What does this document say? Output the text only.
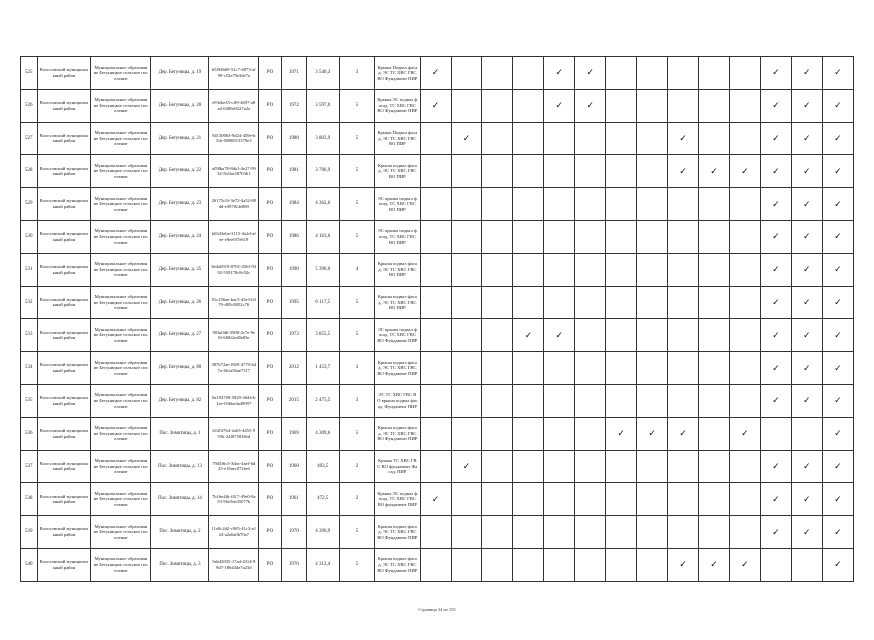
525	Волосовский муниципальный район	Муниципальное образование Бегуницкое сельское поселение	Дер. Бегуницы, д. 19	b5f94669-51c7-4873-af99-c52e79e3de7a	РО	1971	3 540,3	3	Крыша Подвал фасад, ЭС ТС ХВС ГВС ВО Фундамент ПИР	✓				✓	✓						✓	✓	✓
526	Волосовский муниципальный район	Муниципальное образование Бегуницкое сельское поселение	Дер. Бегуницы, д. 20	e93ebe35-cff9-4697-a8a4-6389a9227a2a	РО	1972	3 597,0	5	Крыша ЭС подвал фасад, ТС ХВС ГВС ВО Фундамент ПИР	✓				✓	✓						✓	✓	✓
527	Волосовский муниципальный район	Муниципальное образование Бегуницкое сельское поселение	Дер. Бегуницы, д. 21	94150063-9d24-459e-b5dc-8896913379e3	РО	1980	3 803,9	5	Крыша Подвал фасад, ЭС ТС ХВС ГВС ВО ПИР		✓							✓			✓	✓	✓
528	Волосовский муниципальный район	Муниципальное образование Бегуницкое сельское поселение	Дер. Бегуницы, д. 22	af58ba78-8da1-4e27-9932-5b1ba3870361	РО	1981	3 796,9	5	Крыша подвал фасад, ЭС ТС ХВС ГВС ВО ПИР									✓	✓	✓	✓	✓	✓
529	Волосовский муниципальный район	Муниципальное образование Бегуницкое сельское поселение	Дер. Бегуницы, д. 23	26175c5f-3e72-4a52-88dd-e3970f4e889	РО	1984	4 362,6	5	ЭС крыша подвал фасад, ТС ХВС ГВС ВО ПИР												✓	✓	✓
530	Волосовский муниципальный район	Муниципальное образование Бегуницкое сельское поселение	Дер. Бегуницы, д. 24	b0343eba-3115-4a2d-afee-e9ee0f7e619	РО	1986	4 163,0	5	ЭС крыша подвал фасад, ТС ХВС ГВС ВО ПИР												✓	✓	✓
531	Волосовский муниципальный район	Муниципальное образование Бегуницкое сельское поселение	Дер. Бегуницы, д. 25	6e4a0919-8701-456f-9392-559178c8c92c	РО	1990	5 390,0	4	Крыша подвал фасад, ЭС ТС ХВС ГВС ВО ПИР												✓	✓	✓
532	Волосовский муниципальный район	Муниципальное образование Бегуницкое сельское поселение	Дер. Бегуницы, д. 26	01c256ae-bac5-43e3-b370-d05c8052c76	РО	1995	6 117,5	5	Крыша подвал фасад, ЭС ТС ХВС ГВС ВО ПИР												✓	✓	✓
533	Волосовский муниципальный район	Муниципальное образование Бегуницкое сельское поселение	Дер. Бегуницы, д. 27	903a0d6-5908-4c7e-9e0f-668f2ed8e83e	РО	1973	3 855,5	5	ЭС крыша подвал фасад, ТС ХВС ГВС ВО Фундамент ПИР				✓	✓							✓	✓	✓
534	Волосовский муниципальный район	Муниципальное образование Бегуницкое сельское поселение	Дер. Бегуницы, д. 80	387b72ae-f829-4770-b47a-4b1a56ae7517	РО	2012	1 453,7	3	Крыша подвал фасад, ЭС ТС ХВС ГВС ВО Фундамент ПИР												✓	✓	✓
535	Волосовский муниципальный район	Муниципальное образование Бегуницкое сельское поселение	Дер. Бегуницы, д. 82	8a192709-5829-4d44-b1ee-05bbeda49997	РО	2015	2 475,5	3	ЭС ТС ХВС ГВС ВО крыша подвал фасад, Фундамент ПИР												✓	✓	✓
536	Волосовский муниципальный район	Муниципальное образование Бегуницкое сельское поселение	Пос. Зимитицы, д. 1	b1d5f7b4-2a63-4455-955b-24f875938ed	РО	1969	4 309,6	5	Крыша подвал фасад, ЭС ТС ХВС ГВС ВО Фундамент ПИР							✓	✓	✓		✓			✓
537	Волосовский муниципальный район	Муниципальное образование Бегуницкое сельское поселение	Пос. Зимитицы, д. 13	79d5f6c5-3dac-4aef-bd25-e18aec072fed	РО	1960	493,5	2	Крыша ТС ХВС ГВС ВО фундамент Фасад, ПИР		✓										✓	✓	✓
538	Волосовский муниципальный район	Муниципальное образование Бегуницкое сельское поселение	Пос. Зимитицы, д. 14	7b16e4fb-f417-49e0-8a53-56e5da35077b	РО	1961	472,5	2	Крыша ЭС подвал фасад, ТС ХВС ГВС ВО фундамент ПИР	✓											✓	✓	✓
539	Волосовский муниципальный район	Муниципальное образование Бегуницкое сельское поселение	Пос. Зимитицы, д. 2	11e8c2d2-c965-41c3-a124-a2a6a0b70a7	РО	1970	4 390,9	5	Крыша подвал фасад, ЭС ТС ХВС ГВС ВО Фундамент ПИР												✓	✓	✓
540	Волосовский муниципальный район	Муниципальное образование Бегуницкое сельское поселение	Пос. Зимитицы, д. 3	5ab43035-17ad-4314-99d7-186444e7a23d	РО	1970	4 312,4	5	Крыша подвал фасад, ЭС ТС ХВС ГВС ВО Фундамент ПИР									✓	✓	✓			✓
Страница 34 из 155
